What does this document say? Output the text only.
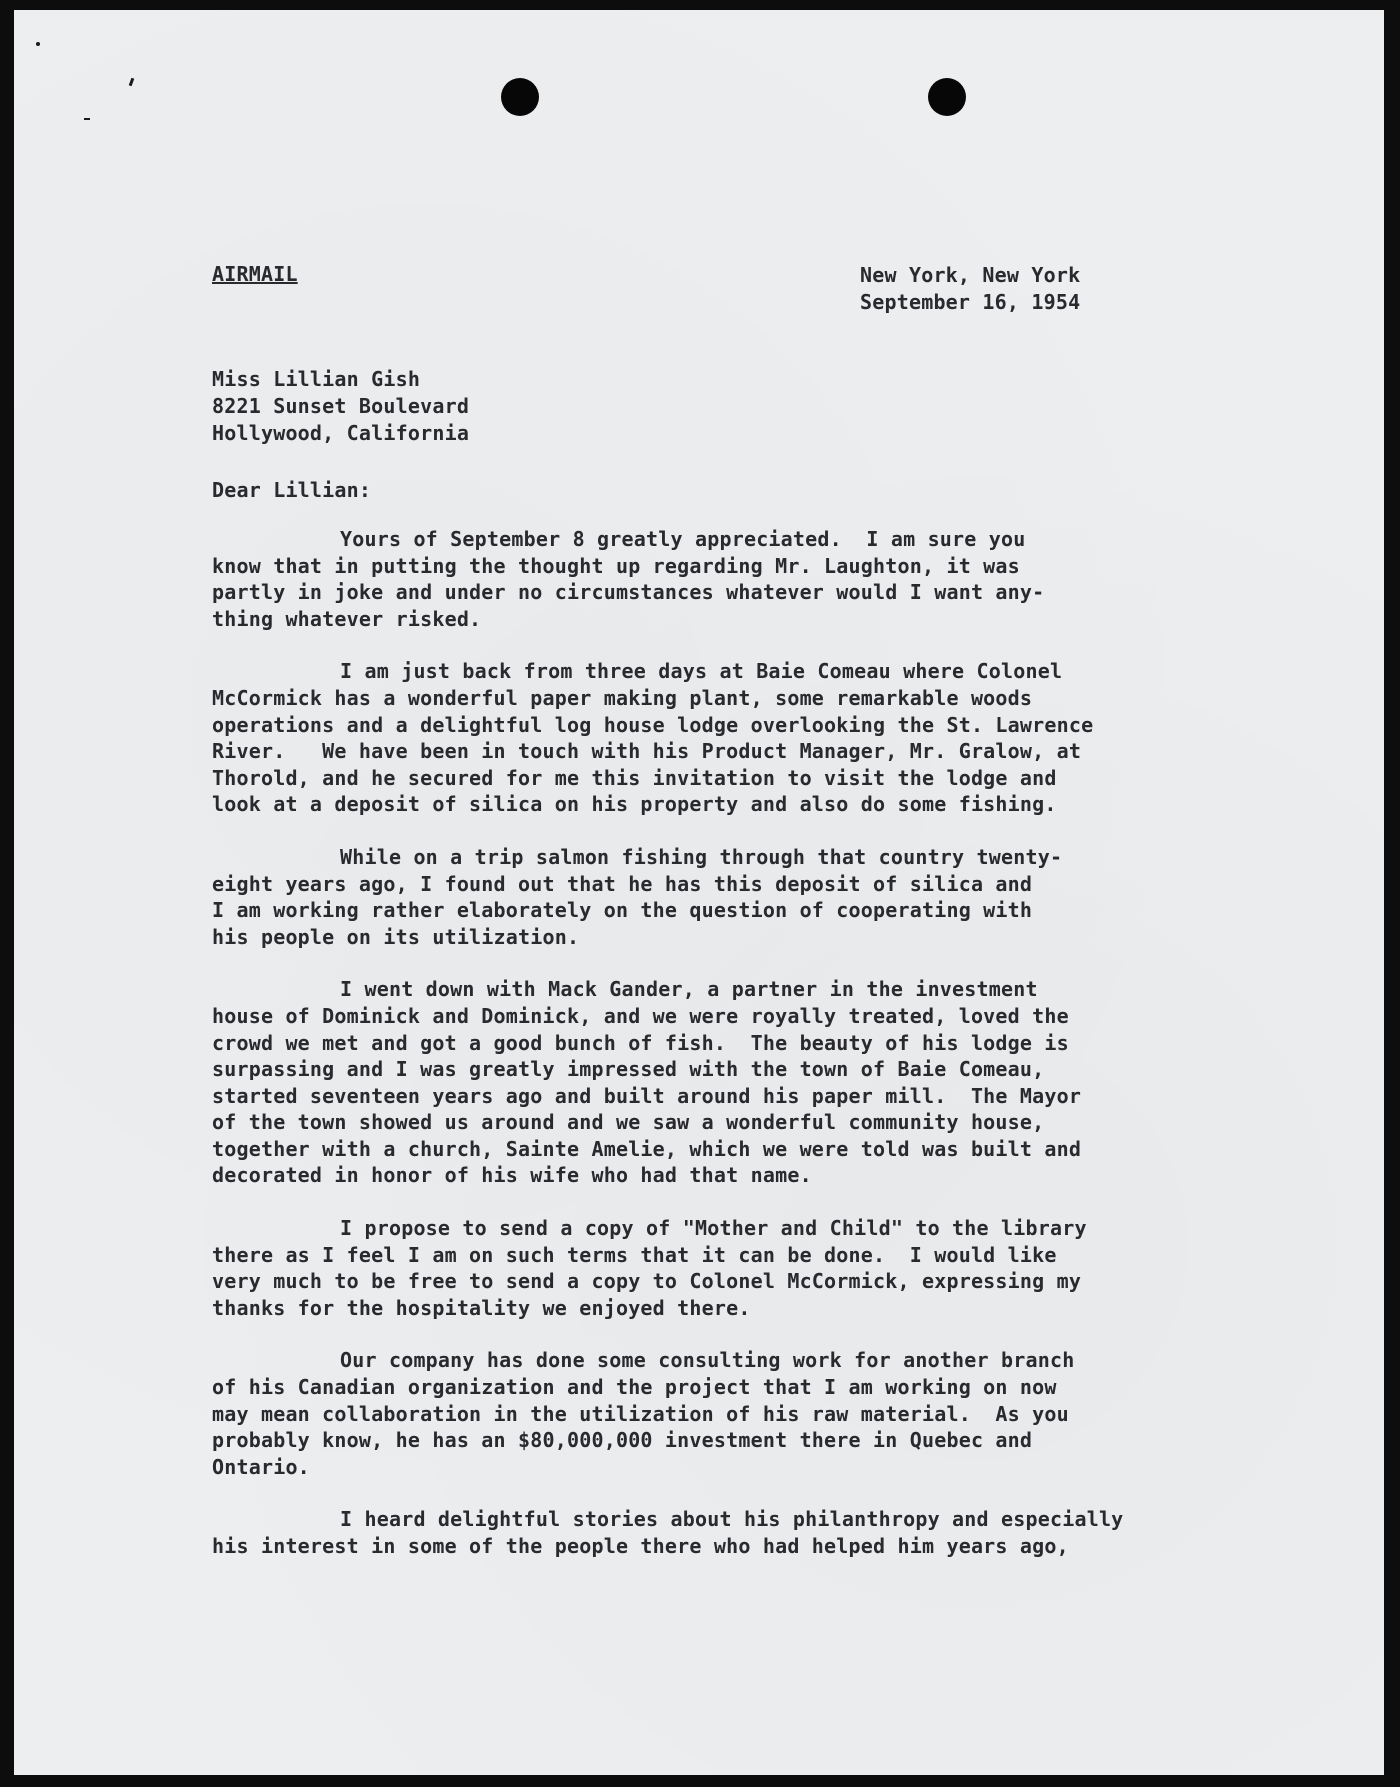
AIRMAIL	New York, New York
September 16, 1954
Miss Lillian Gish
8221 Sunset Boulevard
Hollywood, California

Dear Lillian:

Yours of September 8 greatly appreciated.  I am sure you
know that in putting the thought up regarding Mr. Laughton, it was
partly in joke and under no circumstances whatever would I want any-
thing whatever risked.
I am just back from three days at Baie Comeau where Colonel
McCormick has a wonderful paper making plant, some remarkable woods
operations and a delightful log house lodge overlooking the St. Lawrence
River.   We have been in touch with his Product Manager, Mr. Gralow, at
Thorold, and he secured for me this invitation to visit the lodge and
look at a deposit of silica on his property and also do some fishing.
While on a trip salmon fishing through that country twenty-
eight years ago, I found out that he has this deposit of silica and
I am working rather elaborately on the question of cooperating with
his people on its utilization.
I went down with Mack Gander, a partner in the investment
house of Dominick and Dominick, and we were royally treated, loved the
crowd we met and got a good bunch of fish.  The beauty of his lodge is
surpassing and I was greatly impressed with the town of Baie Comeau,
started seventeen years ago and built around his paper mill.  The Mayor
of the town showed us around and we saw a wonderful community house,
together with a church, Sainte Amelie, which we were told was built and
decorated in honor of his wife who had that name.
I propose to send a copy of "Mother and Child" to the library
there as I feel I am on such terms that it can be done.  I would like
very much to be free to send a copy to Colonel McCormick, expressing my
thanks for the hospitality we enjoyed there.
Our company has done some consulting work for another branch
of his Canadian organization and the project that I am working on now
may mean collaboration in the utilization of his raw material.  As you
probably know, he has an $80,000,000 investment there in Quebec and
Ontario.
I heard delightful stories about his philanthropy and especially
his interest in some of the people there who had helped him years ago,
